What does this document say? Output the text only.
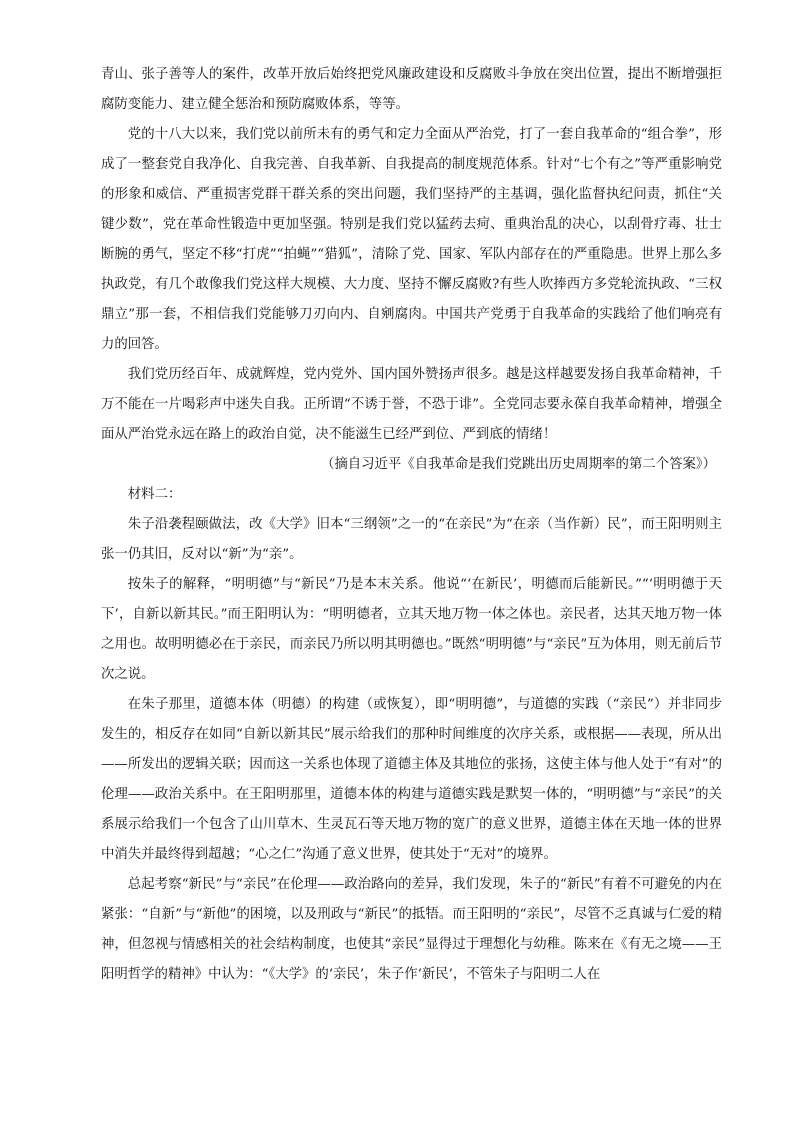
青山、张子善等人的案件，改革开放后始终把党风廉政建设和反腐败斗争放在突出位置，提出不断增强拒腐防变能力、建立健全惩治和预防腐败体系，等等。

党的十八大以来，我们党以前所未有的勇气和定力全面从严治党，打了一套自我革命的“组合拳”，形成了一整套党自我净化、自我完善、自我革新、自我提高的制度规范体系。针对“七个有之”等严重影响党的形象和威信、严重损害党群干群关系的突出问题，我们坚持严的主基调，强化监督执纪问责，抓住“关键少数”，党在革命性锻造中更加坚强。特别是我们党以猛药去疴、重典治乱的决心，以刮骨疗毒、壮士断腕的勇气，坚定不移“打虎”“拍蝇”“猎狐”，清除了党、国家、军队内部存在的严重隐患。世界上那么多执政党，有几个敢像我们党这样大规模、大力度、坚持不懈反腐败?有些人吹捧西方多党轮流执政、“三权鼎立”那一套，不相信我们党能够刀刃向内、自剜腐肉。中国共产党勇于自我革命的实践给了他们响亮有力的回答。

我们党历经百年、成就辉煌，党内党外、国内国外赞扬声很多。越是这样越要发扬自我革命精神，千万不能在一片喝彩声中迷失自我。正所谓“不诱于誉，不恐于诽”。全党同志要永葆自我革命精神，增强全面从严治党永远在路上的政治自觉，决不能滋生已经严到位、严到底的情绪！

（摘自习近平《自我革命是我们党跳出历史周期率的第二个答案》）

材料二：

朱子沿袭程颐做法，改《大学》旧本“三纲领”之一的“在亲民”为“在亲（当作新）民”，而王阳明则主张一仍其旧，反对以“新”为“亲”。

按朱子的解释，“明明德”与“新民”乃是本末关系。他说“‘在新民’，明德而后能新民。”“‘明明德于天下’，自新以新其民。”而王阳明认为：“明明德者，立其天地万物一体之体也。亲民者，达其天地万物一体之用也。故明明德必在于亲民，而亲民乃所以明其明德也。”既然“明明德”与“亲民”互为体用，则无前后节次之说。

在朱子那里，道德本体（明德）的构建（或恢复），即“明明德”，与道德的实践（“亲民”）并非同步发生的，相反存在如同“自新以新其民”展示给我们的那种时间维度的次序关系，或根据——表现，所从出——所发出的逻辑关联；因而这一关系也体现了道德主体及其地位的张扬，这使主体与他人处于“有对”的伦理——政治关系中。在王阳明那里，道德本体的构建与道德实践是默契一体的，“明明德”与“亲民”的关系展示给我们一个包含了山川草木、生灵瓦石等天地万物的宽广的意义世界，道德主体在天地一体的世界中消失并最终得到超越；“心之仁”沟通了意义世界，使其处于“无对”的境界。

总起考察“新民”与“亲民”在伦理——政治路向的差异，我们发现，朱子的“新民”有着不可避免的内在紧张：“自新”与“新他”的困境，以及刑政与“新民”的抵牾。而王阳明的“亲民”，尽管不乏真诚与仁爱的精神，但忽视与情感相关的社会结构制度，也使其“亲民”显得过于理想化与幼稚。陈来在《有无之境——王阳明哲学的精神》中认为：“《大学》的‘亲民’，朱子作‘新民’，不管朱子与阳明二人在
